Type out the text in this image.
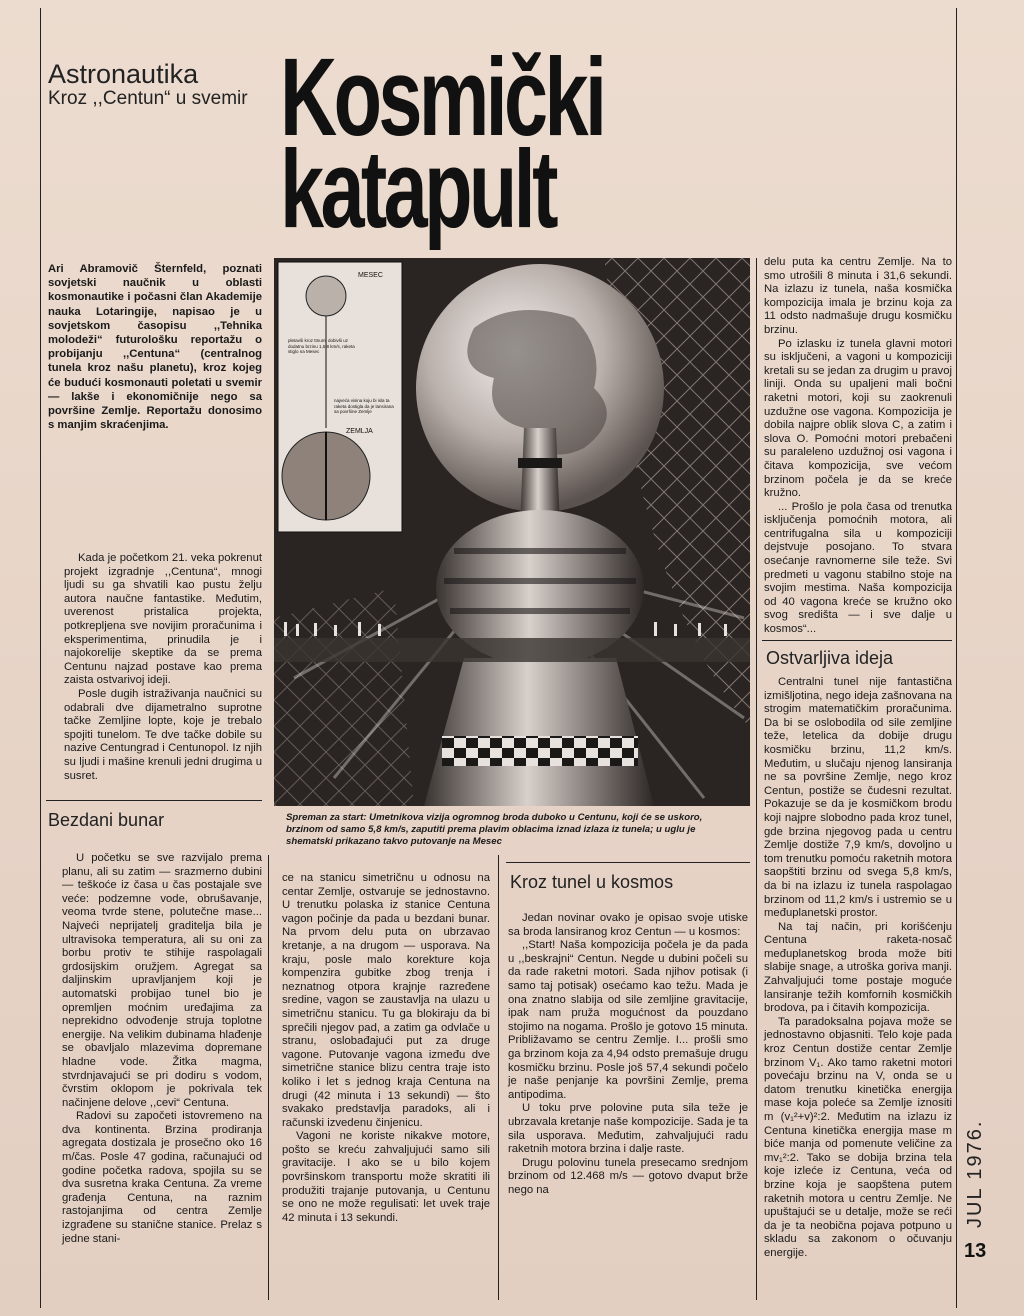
Astronautika
Kroz ,,Centun“ u svemir Kosmički
katapult
Ari Abramovič Šternfeld, poznati sovjetski naučnik u oblasti kosmonautike i počasni član Akademije nauka Lotaringije, napisao je u sovjetskom časopisu ,,Tehnika molodeži“ futurološku reportažu o probijanju ,,Centuna“ (centralnog tunela kroz našu planetu), kroz kojeg će budući kosmonauti poletati u svemir — lakše i ekonomičnije nego sa površine Zemlje. Reportažu donosimo s manjim skraćenjima.

Kada je početkom 21. veka pokrenut projekt izgradnje ,,Centuna“, mnogi ljudi su ga shvatili kao pustu želju autora naučne fantastike. Međutim, uverenost pristalica projekta, potkrepljena sve novijim proračunima i eksperimentima, prinudila je i najokorelije skeptike da se prema Centunu najzad postave kao prema zaista ostvarivoj ideji.

Posle dugih istraživanja naučnici su odabrali dve dijametralno suprotne tačke Zemljine lopte, koje je trebalo spojiti tunelom. Te dve tačke dobile su nazive Centungrad i Centunopol. Iz njih su ljudi i mašine krenuli jedni drugima u susret.

Bezdani bunar

U početku se sve razvijalo prema planu, ali su zatim — srazmerno dubini — teškoće iz časa u čas postajale sve veće: podzemne vode, obrušavanje, veoma tvrde stene, polutečne mase... Najveći neprijatelj graditelja bila je ultravisoka temperatura, ali su oni za borbu protiv te stihije raspolagali grdosijskim oružjem. Agregat sa daljinskim upravljanjem koji je automatski probijao tunel bio je opremljen moćnim uređajima za neprekidno odvođenje struja toplotne energije. Na velikim dubinama hlađenje se obavljalo mlazevima dopremane hladne vode. Žitka magma, stvrdnjavajući se pri dodiru s vodom, čvrstim oklopom je pokrivala tek načinjene delove ,,cevi“ Centuna.

Radovi su započeti istovremeno na dva kontinenta. Brzina prodiranja agregata dostizala je prosečno oko 16 m/čas. Posle 47 godina, računajući od godine početka radova, spojila su se dva susretna kraka Centuna. Za vreme građenja Centuna, na raznim rastojanjima od centra Zemlje izgrađene su stanične stanice. Prelaz s jedne stani-

MESEC
pletavši kroz ttnum, dobivši uz dodatnu brzinu 1,5,8 km/s, raketa stiglo na Mesec
najveća visina koju bi isla ta raketa dostigla da je lansirana sa površine Zemlje
ZEMLJA
Spreman za start: Umetnikova vizija ogromnog broda duboko u Centunu, koji će se uskoro, brzinom od samo 5,8 km/s, zaputiti prema plavim oblacima iznad izlaza iz tunela; u uglu je shematski prikazano takvo putovanje na Mesec

ce na stanicu simetričnu u odnosu na centar Zemlje, ostvaruje se jednostavno. U trenutku polaska iz stanice Centuna vagon počinje da pada u bezdani bunar. Na prvom delu puta on ubrzavao kretanje, a na drugom — usporava. Na kraju, posle malo korekture koja kompenzira gubitke zbog trenja i neznatnog otpora krajnje razređene sredine, vagon se zaustavlja na ulazu u simetričnu stanicu. Tu ga blokiraju da bi sprečili njegov pad, a zatim ga odvlače u stranu, oslobađajući put za druge vagone. Putovanje vagona između dve simetrične stanice blizu centra traje isto koliko i let s jednog kraja Centuna na drugi (42 minuta i 13 sekundi) — što svakako predstavlja paradoks, ali i računski izvedenu činjenicu.

Vagoni ne koriste nikakve motore, pošto se kreću zahvaljujući samo sili gravitacije. I ako se u bilo kojem površinskom transportu može skratiti ili produžiti trajanje putovanja, u Centunu se ono ne može regulisati: let uvek traje 42 minuta i 13 sekundi.

Kroz tunel u kosmos

Jedan novinar ovako je opisao svoje utiske sa broda lansiranog kroz Centun — u kosmos:

,,Start! Naša kompozicija počela je da pada u ,,beskrajni“ Centun. Negde u dubini počeli su da rade raketni motori. Sada njihov potisak (i samo taj potisak) osećamo kao težu. Mada je ona znatno slabija od sile zemljine gravitacije, ipak nam pruža mogućnost da pouzdano stojimo na nogama. Prošlo je gotovo 15 minuta. Približavamo se centru Zemlje. I... prošli smo ga brzinom koja za 4,94 odsto premašuje drugu kosmičku brzinu. Posle još 57,4 sekundi počelo je naše penjanje ka površini Zemlje, prema antipodima.

U toku prve polovine puta sila teže je ubrzavala kretanje naše kompozicije. Sada je ta sila usporava. Međutim, zahvaljujući radu raketnih motora brzina i dalje raste.

Drugu polovinu tunela presecamo srednjom brzinom od 12.468 m/s — gotovo dvaput brže nego na

delu puta ka centru Zemlje. Na to smo utrošili 8 minuta i 31,6 sekundi. Na izlazu iz tunela, naša kosmička kompozicija imala je brzinu koja za 11 odsto nadmašuje drugu kosmičku brzinu.

Po izlasku iz tunela glavni motori su isključeni, a vagoni u kompoziciji kretali su se jedan za drugim u pravoj liniji. Onda su upaljeni mali bočni raketni motori, koji su zaokrenuli uzdužne ose vagona. Kompozicija je dobila najpre oblik slova C, a zatim i slova O. Pomoćni motori prebačeni su paraleleno uzdužnoj osi vagona i čitava kompozicija, sve većom brzinom počela je da se kreće kružno.

... Prošlo je pola časa od trenutka isključenja pomoćnih motora, ali centrifugalna sila u kompoziciji dejstvuje posojano. To stvara osećanje ravnomerne sile teže. Svi predmeti u vagonu stabilno stoje na svojim mestima. Naša kompozicija od 40 vagona kreće se kružno oko svog središta — i sve dalje u kosmos“...

Ostvarljiva ideja

Centralni tunel nije fantastična izmišljotina, nego ideja zašnovana na strogim matematičkim proračunima. Da bi se oslobodila od sile zemljine teže, letelica da dobije drugu kosmičku brzinu, 11,2 km/s. Međutim, u slučaju njenog lansiranja ne sa površine Zemlje, nego kroz Centun, postiže se čudesni rezultat. Pokazuje se da je kosmičkom brodu koji najpre slobodno pada kroz tunel, gde brzina njegovog pada u centru Zemlje dostiže 7,9 km/s, dovoljno u tom trenutku pomoću raketnih motora saopštiti brzinu od svega 5,8 km/s, da bi na izlazu iz tunela raspolagao brzinom od 11,2 km/s i ustremio se u međuplanetski prostor.

Na taj način, pri korišćenju Centuna raketa-nosač međuplanetskog broda može biti slabije snage, a utroška goriva manji. Zahvaljujući tome postaje moguće lansiranje težih komfornih kosmičkih brodova, pa i čitavih kompozicija.

Ta paradoksalna pojava može se jednostavno objasniti. Telo koje pada kroz Centun dostiže centar Zemlje brzinom V₁. Ako tamo raketni motori povećaju brzinu na V, onda se u datom trenutku kinetička energija mase koja poleće sa Zemlje iznositi m (v₁²+v)²:2. Međutim na izlazu iz Centuna kinetička energija mase m biće manja od pomenute veličine za mv₁²:2. Tako se dobija brzina tela koje izleće iz Centuna, veća od brzine koja je saopštena putem raketnih motora u centru Zemlje. Ne upuštajući se u detalje, može se reći da je ta neobična pojava potpuno u skladu sa zakonom o očuvanju energije.

JUL 1976.
13
